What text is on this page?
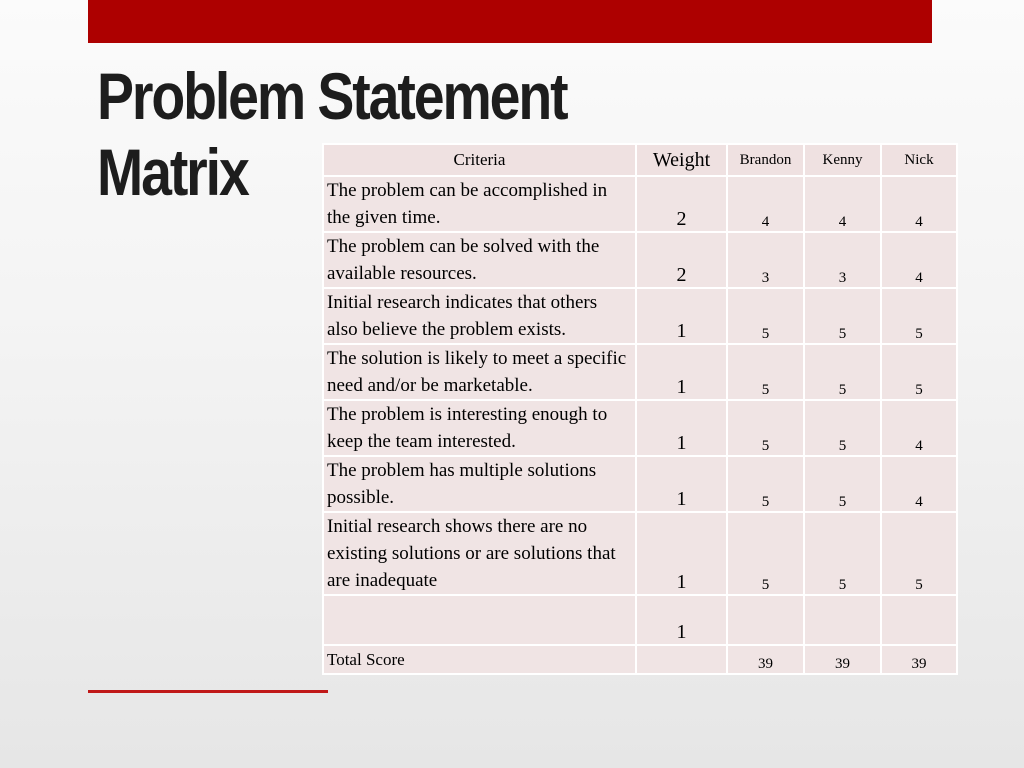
Problem Statement
Matrix	Criteria	Weight	Brandon	Kenny	Nick
The problem can be accomplished in the given time.	2	4	4	4
The problem can be solved with the available resources.	2	3	3	4
Initial research indicates that others also believe the problem exists.	1	5	5	5
The solution is likely to meet a specific need and/or be marketable.	1	5	5	5
The problem is interesting enough to keep the team interested.	1	5	5	4
The problem has multiple solutions possible.	1	5	5	4
Initial research shows there are no existing solutions or are solutions that are inadequate	1	5	5	5
	1			
Total Score		39	39	39
